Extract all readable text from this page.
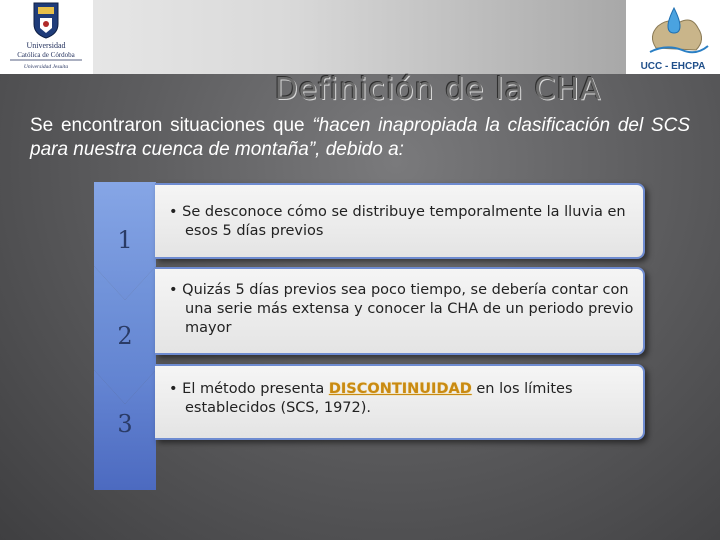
Universidad
Católica de Córdoba
Universidad Jesuita	UCC - EHCPA
Definición de la CHA
Se encontraron situaciones que “hacen inapropiada la clasificación del SCS para nuestra cuenca de montaña”, debido a:
1
2
3
• Se desconoce cómo se distribuye temporalmente la lluvia en esos 5 días previos
• Quizás 5 días previos sea poco tiempo, se debería contar con una serie más extensa y conocer la CHA de un periodo previo mayor
• El método presenta DISCONTINUIDAD en los límites establecidos (SCS, 1972).
